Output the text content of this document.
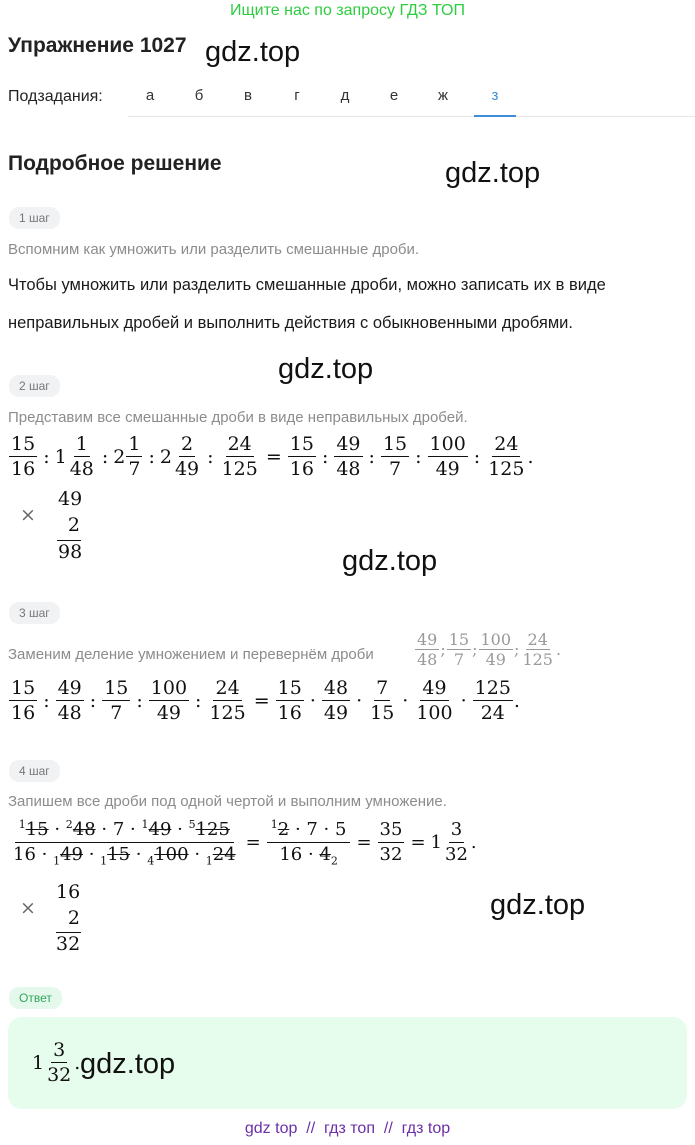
Ищите нас по запросу ГДЗ ТОП
Упражнение 1027 gdz.top
Подзадания:	а	б	в	г	д	е	ж	з
Подробное решение	gdz.top
1 шаг
Вспомним как умножить или разделить смешанные дроби.
Чтобы умножить или разделить смешанные дроби, можно записать их в виде
неправильных дробей и выполнить действия с обыкновенными дробями.
gdz.top
2 шаг
Представим все смешанные дроби в виде неправильных дробей.
$\frac{15}{16}$ : $1 \frac{1}{48}$ : $2 \frac{1}{7}$ : $2 \frac{2}{49}$ : $\frac{24}{125} = \frac{15}{16}$ : $\frac{49}{48}$ : $\frac{15}{7}$ : $\frac{100}{49}$ : $\frac{24}{125}$ .
×
49
2
98	gdz.top
3 шаг
Заменим деление умножением и перевернём дроби	$\frac{49}{48}$ ; $\frac{15}{7}$ ; $\frac{100}{49}$ ; $\frac{24}{125}$ .
$\frac{15}{16}$ : $\frac{49}{48}$ : $\frac{15}{7}$ : $\frac{100}{49}$ : $\frac{24}{125} = \frac{15}{16} \cdot \frac{48}{49} \cdot \frac{7}{15} \cdot \frac{49}{100} \cdot \frac{125}{24}$ .
4 шаг
Запишем все дроби под одной чертой и выполним умножение.
$\frac{^115 \cdot ^248 \cdot 7 \cdot ^149 \cdot ^5125}{16 \cdot _149 \cdot _115 \cdot _4100 \cdot _124} = \frac{^12 \cdot 7 \cdot 5}{16 \cdot 4_2} = \frac{35}{32} = 1 \frac{3}{32}$ .
×
16
2
32
gdz.top
Ответ
$1 \frac{3}{32}$ . gdz.top
gdz top  //  гдз топ  //  гдз top
